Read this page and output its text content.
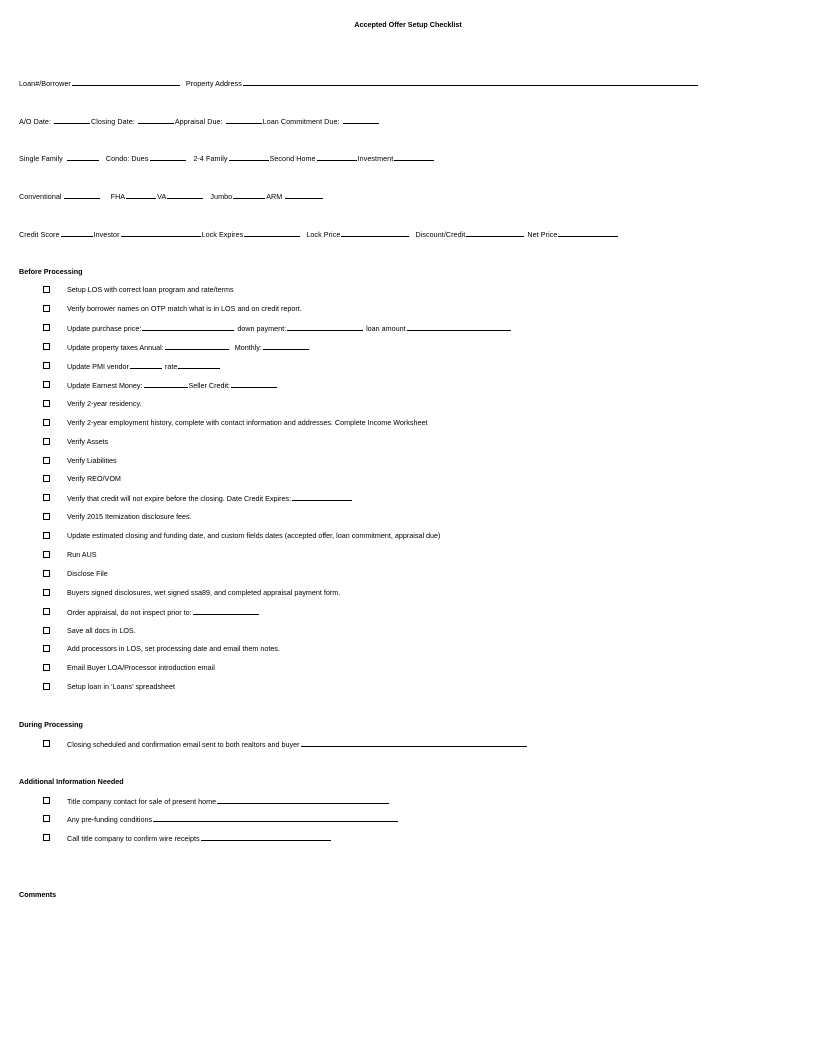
Accepted Offer Setup Checklist
Loan#/Borrower	Property Address
A/O Date:	Closing Date:	Appraisal Due:	Loan Commitment Due:
Single Family	Condo: Dues	2-4 Family	Second Home	Investment
Conventional	FHA	VA	Jumbo	ARM
Credit Score	Investor	Lock Expires	Lock Price	Discount/Credit	Net Price
Before Processing
Setup LOS with correct loan program and rate/terms
Verify borrower names on OTP match what is in LOS and on credit report.
Update purchase price:	down payment:	loan amount
Update property taxes Annual:	Monthly:
Update PMI vendor	rate
Update Earnest Money:	Seller Credit:
Verify 2-year residency.
Verify 2-year employment history, complete with contact information and addresses. Complete Income Worksheet
Verify Assets
Verify Liabilities
Verify REO/VOM
Verify that credit will not expire before the closing. Date Credit Expires:
Verify 2015 Itemization disclosure fees.
Update estimated closing and funding date, and custom fields dates (accepted offer, loan commitment, appraisal due)
Run AUS
Disclose File
Buyers signed disclosures, wet signed ssa89, and completed appraisal payment form.
Order appraisal, do not inspect prior to:
Save all docs in LOS.
Add processors in LOS, set processing date and email them notes.
Email Buyer LOA/Processor introduction email
Setup loan in ‘Loans’ spreadsheet
During Processing
Closing scheduled and confirmation email sent to both realtors and buyer
Additional Information Needed
Title company contact for sale of present home
Any pre-funding conditions
Call title company to confirm wire receipts
Comments
